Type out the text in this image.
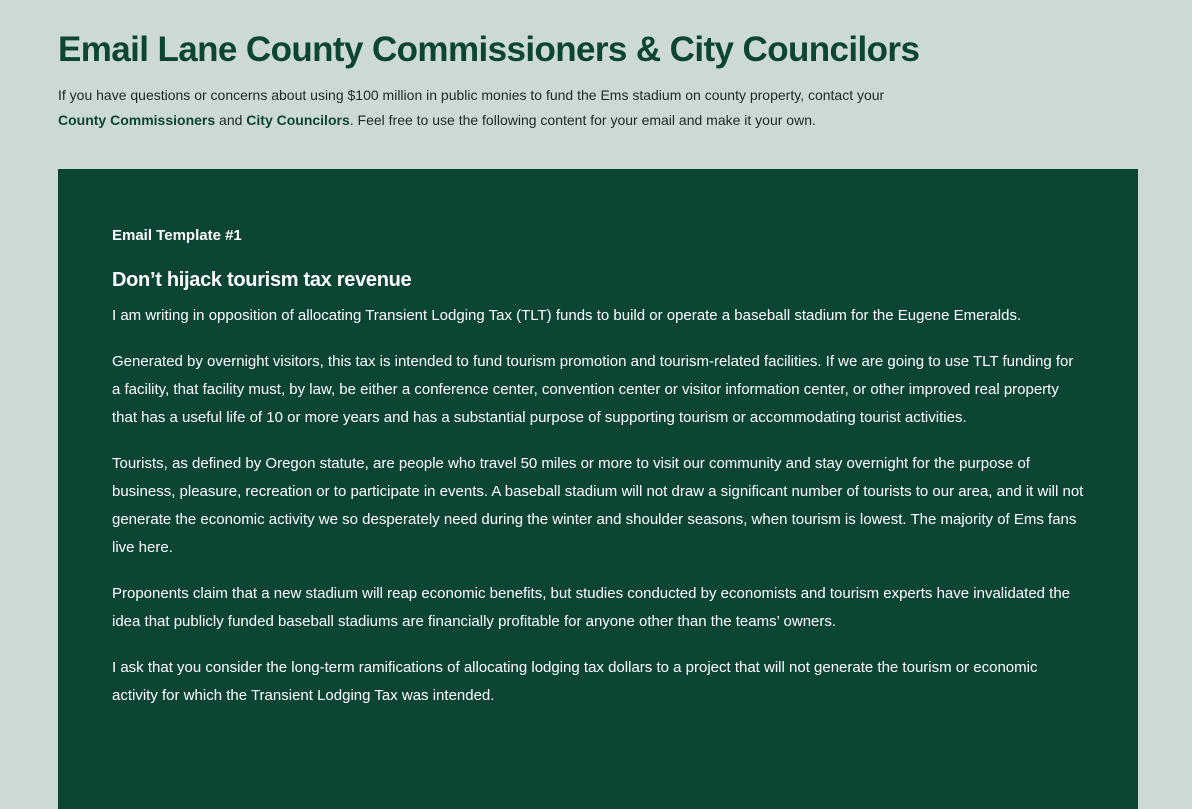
Email Lane County Commissioners & City Councilors

If you have questions or concerns about using $100 million in public monies to fund the Ems stadium on county property, contact your County Commissioners and City Councilors. Feel free to use the following content for your email and make it your own.

Email Template #1
Don’t hijack tourism tax revenue

I am writing in opposition of allocating Transient Lodging Tax (TLT) funds to build or operate a baseball stadium for the Eugene Emeralds.

Generated by overnight visitors, this tax is intended to fund tourism promotion and tourism-related facilities. If we are going to use TLT funding for a facility, that facility must, by law, be either a conference center, convention center or visitor information center, or other improved real property that has a useful life of 10 or more years and has a substantial purpose of supporting tourism or accommodating tourist activities.

Tourists, as defined by Oregon statute, are people who travel 50 miles or more to visit our community and stay overnight for the purpose of business, pleasure, recreation or to participate in events. A baseball stadium will not draw a significant number of tourists to our area, and it will not generate the economic activity we so desperately need during the winter and shoulder seasons, when tourism is lowest. The majority of Ems fans live here.

Proponents claim that a new stadium will reap economic benefits, but studies conducted by economists and tourism experts have invalidated the idea that publicly funded baseball stadiums are financially profitable for anyone other than the teams’ owners.

I ask that you consider the long-term ramifications of allocating lodging tax dollars to a project that will not generate the tourism or economic activity for which the Transient Lodging Tax was intended.
